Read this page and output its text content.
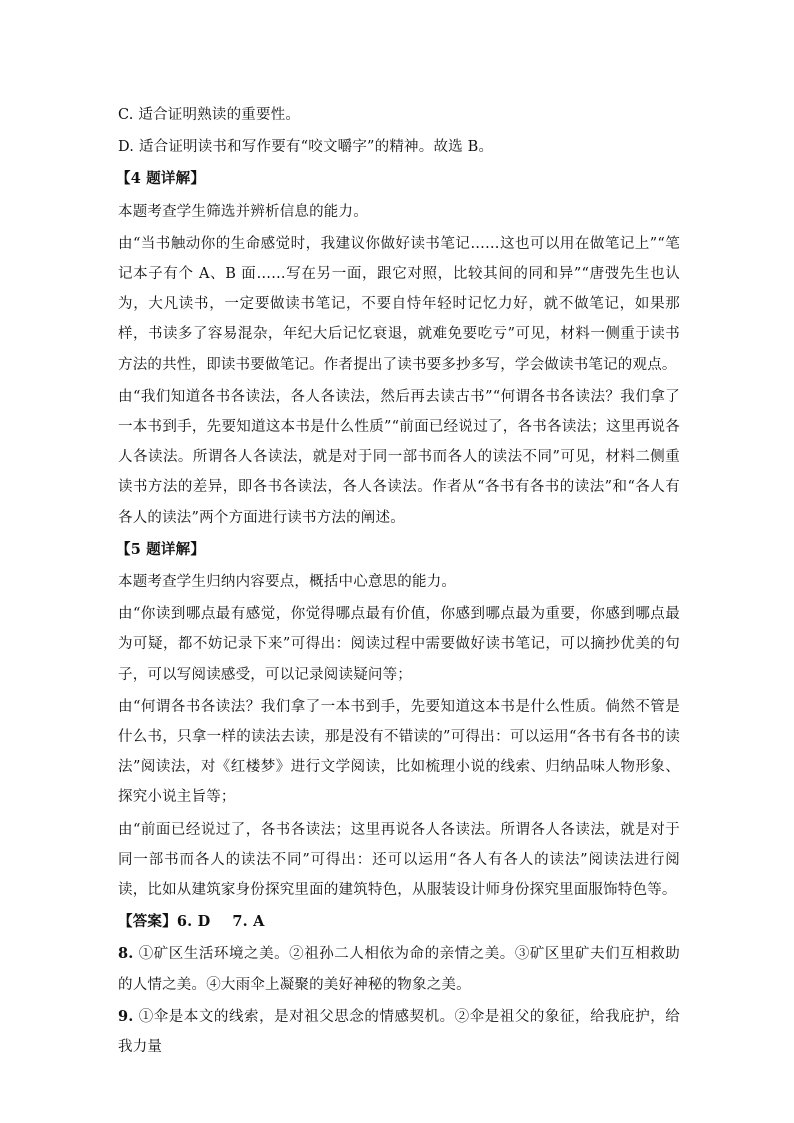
C. 适合证明熟读的重要性。

D. 适合证明读书和写作要有“咬文嚼字”的精神。故选 B。

【4 题详解】

本题考查学生筛选并辨析信息的能力。

由“当书触动你的生命感觉时，我建议你做好读书笔记……这也可以用在做笔记上”“笔记本子有个 A、B 面……写在另一面，跟它对照，比较其间的同和异”“唐弢先生也认为，大凡读书，一定要做读书笔记，不要自恃年轻时记忆力好，就不做笔记，如果那样，书读多了容易混杂，年纪大后记忆衰退，就难免要吃亏”可见，材料一侧重于读书方法的共性，即读书要做笔记。作者提出了读书要多抄多写，学会做读书笔记的观点。

由“我们知道各书各读法，各人各读法，然后再去读古书”“何谓各书各读法？我们拿了一本书到手，先要知道这本书是什么性质”“前面已经说过了，各书各读法；这里再说各人各读法。所谓各人各读法，就是对于同一部书而各人的读法不同”可见，材料二侧重读书方法的差异，即各书各读法，各人各读法。作者从“各书有各书的读法”和“各人有各人的读法”两个方面进行读书方法的阐述。

【5 题详解】

本题考查学生归纳内容要点，概括中心意思的能力。

由“你读到哪点最有感觉，你觉得哪点最有价值，你感到哪点最为重要，你感到哪点最为可疑，都不妨记录下来”可得出：阅读过程中需要做好读书笔记，可以摘抄优美的句子，可以写阅读感受，可以记录阅读疑问等；

由“何谓各书各读法？我们拿了一本书到手，先要知道这本书是什么性质。倘然不管是什么书，只拿一样的读法去读，那是没有不错读的”可得出：可以运用“各书有各书的读法”阅读法，对《红楼梦》进行文学阅读，比如梳理小说的线索、归纳品味人物形象、探究小说主旨等；

由“前面已经说过了，各书各读法；这里再说各人各读法。所谓各人各读法，就是对于同一部书而各人的读法不同”可得出：还可以运用“各人有各人的读法”阅读法进行阅读，比如从建筑家身份探究里面的建筑特色，从服装设计师身份探究里面服饰特色等。

【答案】6. D 7. A

8. ①矿区生活环境之美。②祖孙二人相依为命的亲情之美。③矿区里矿夫们互相救助的人情之美。④大雨伞上凝聚的美好神秘的物象之美。

9. ①伞是本文的线索，是对祖父思念的情感契机。②伞是祖父的象征，给我庇护，给我力量
